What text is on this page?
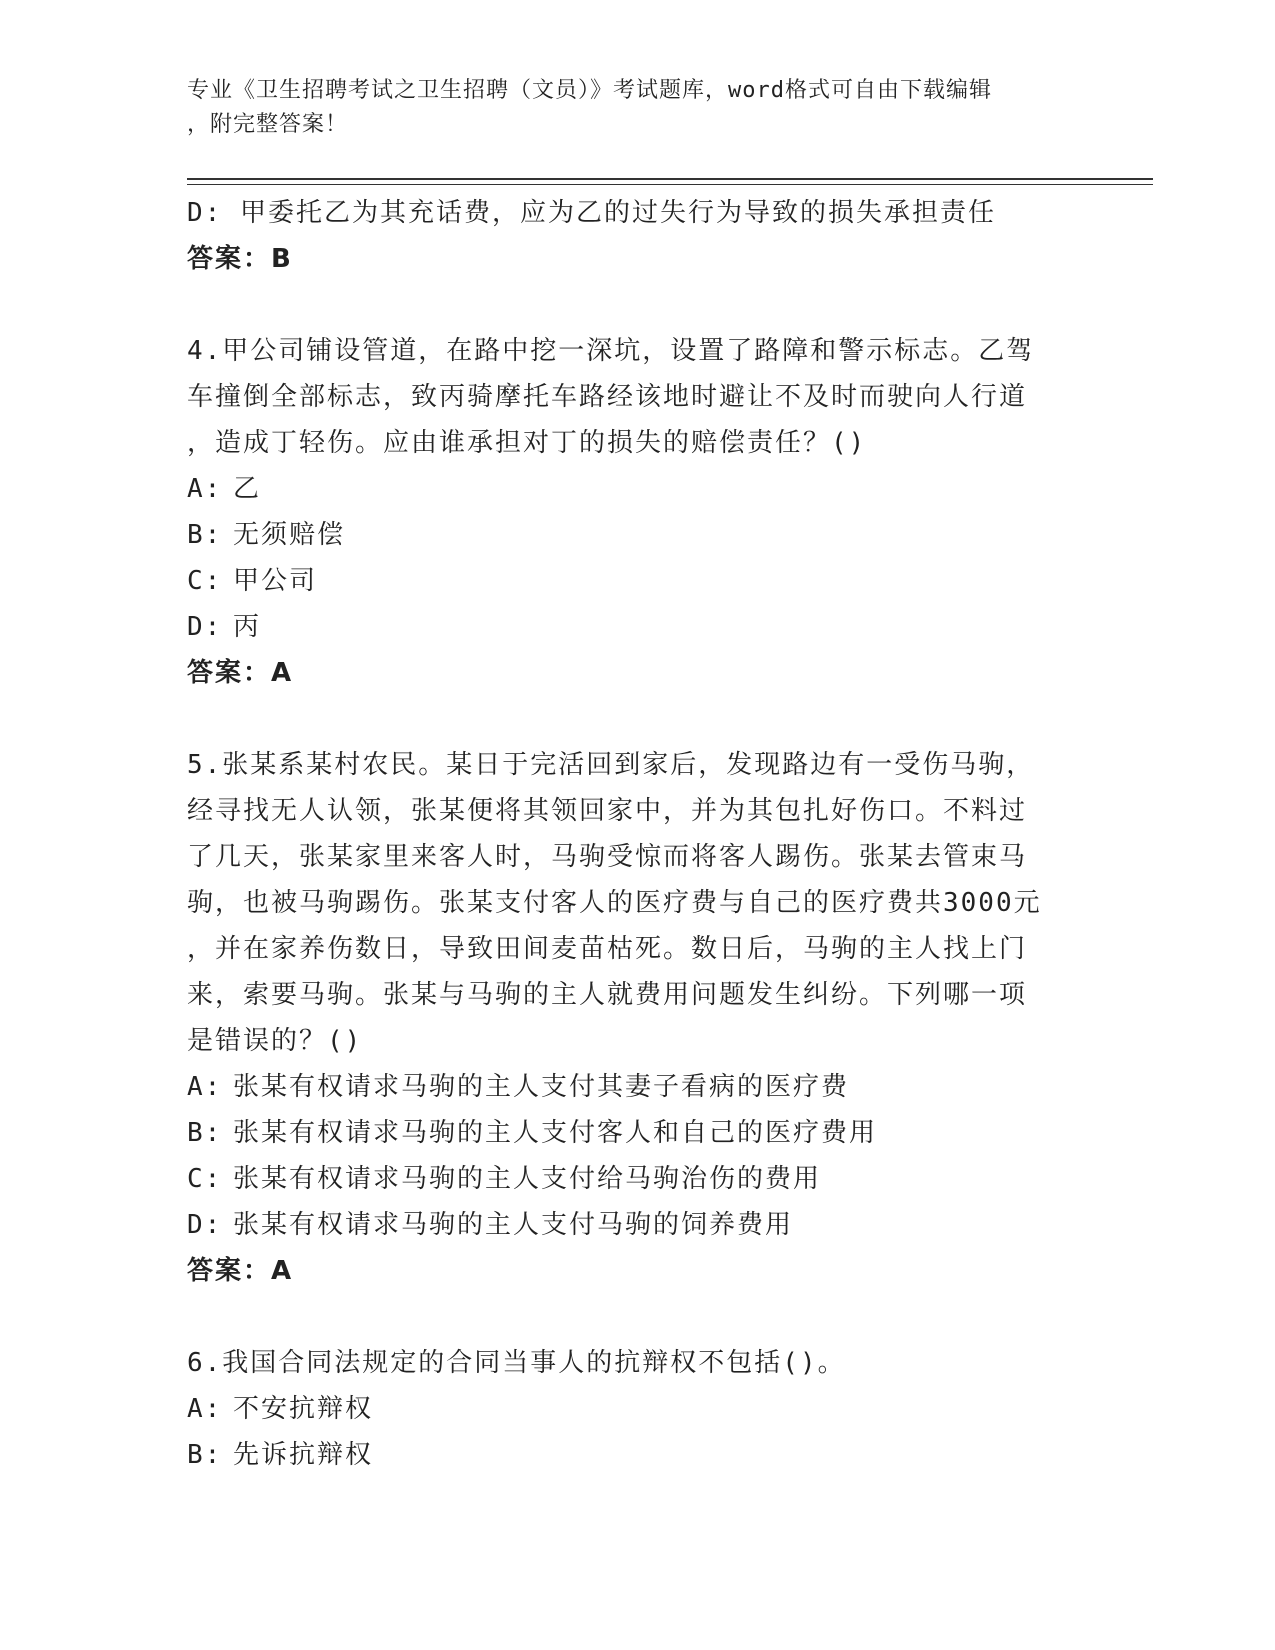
专业《卫生招聘考试之卫生招聘（文员）》考试题库，word格式可自由下载编辑
，附完整答案！
D: 甲委托乙为其充话费，应为乙的过失行为导致的损失承担责任
答案：B
4.甲公司铺设管道，在路中挖一深坑，设置了路障和警示标志。乙驾
车撞倒全部标志，致丙骑摩托车路经该地时避让不及时而驶向人行道
，造成丁轻伤。应由谁承担对丁的损失的赔偿责任？()
A: 乙
B: 无须赔偿
C: 甲公司
D: 丙
答案：A
5.张某系某村农民。某日于完活回到家后，发现路边有一受伤马驹，
经寻找无人认领，张某便将其领回家中，并为其包扎好伤口。不料过
了几天，张某家里来客人时，马驹受惊而将客人踢伤。张某去管束马
驹，也被马驹踢伤。张某支付客人的医疗费与自己的医疗费共3000元
，并在家养伤数日，导致田间麦苗枯死。数日后，马驹的主人找上门
来，索要马驹。张某与马驹的主人就费用问题发生纠纷。下列哪一项
是错误的？()
A: 张某有权请求马驹的主人支付其妻子看病的医疗费
B: 张某有权请求马驹的主人支付客人和自己的医疗费用
C: 张某有权请求马驹的主人支付给马驹治伤的费用
D: 张某有权请求马驹的主人支付马驹的饲养费用
答案：A
6.我国合同法规定的合同当事人的抗辩权不包括()。
A: 不安抗辩权
B: 先诉抗辩权
